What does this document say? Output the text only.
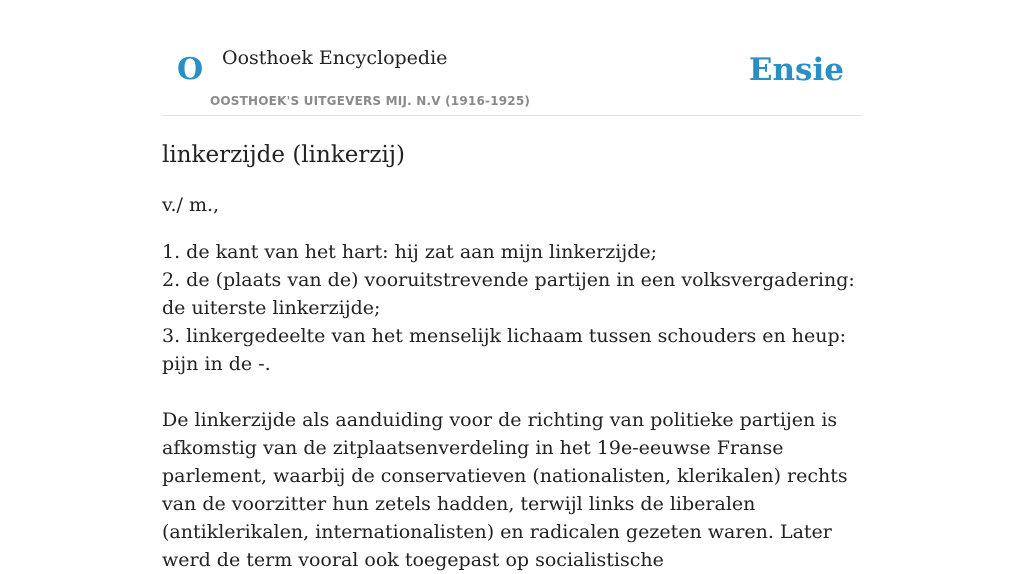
O Oosthoek Encyclopedie
OOSTHOEK'S UITGEVERS MIJ. N.V (1916-1925)
Ensie
linkerzijde (linkerzij)

v./ m.,

1. de kant van het hart: hij zat aan mijn linkerzijde;
2. de (plaats van de) vooruitstrevende partijen in een volksvergadering: de uiterste linkerzijde;
3. linkergedeelte van het menselijk lichaam tussen schouders en heup: pijn in de -.

De linkerzijde als aanduiding voor de richting van politieke partijen is afkomstig van de zitplaatsenverdeling in het 19e-eeuwse Franse parlement, waarbij de conservatieven (nationalisten, klerikalen) rechts van de voorzitter hun zetels hadden, terwijl links de liberalen (antiklerikalen, internationalisten) en radicalen gezeten waren. Later werd de term vooral ook toegepast op socialistische
